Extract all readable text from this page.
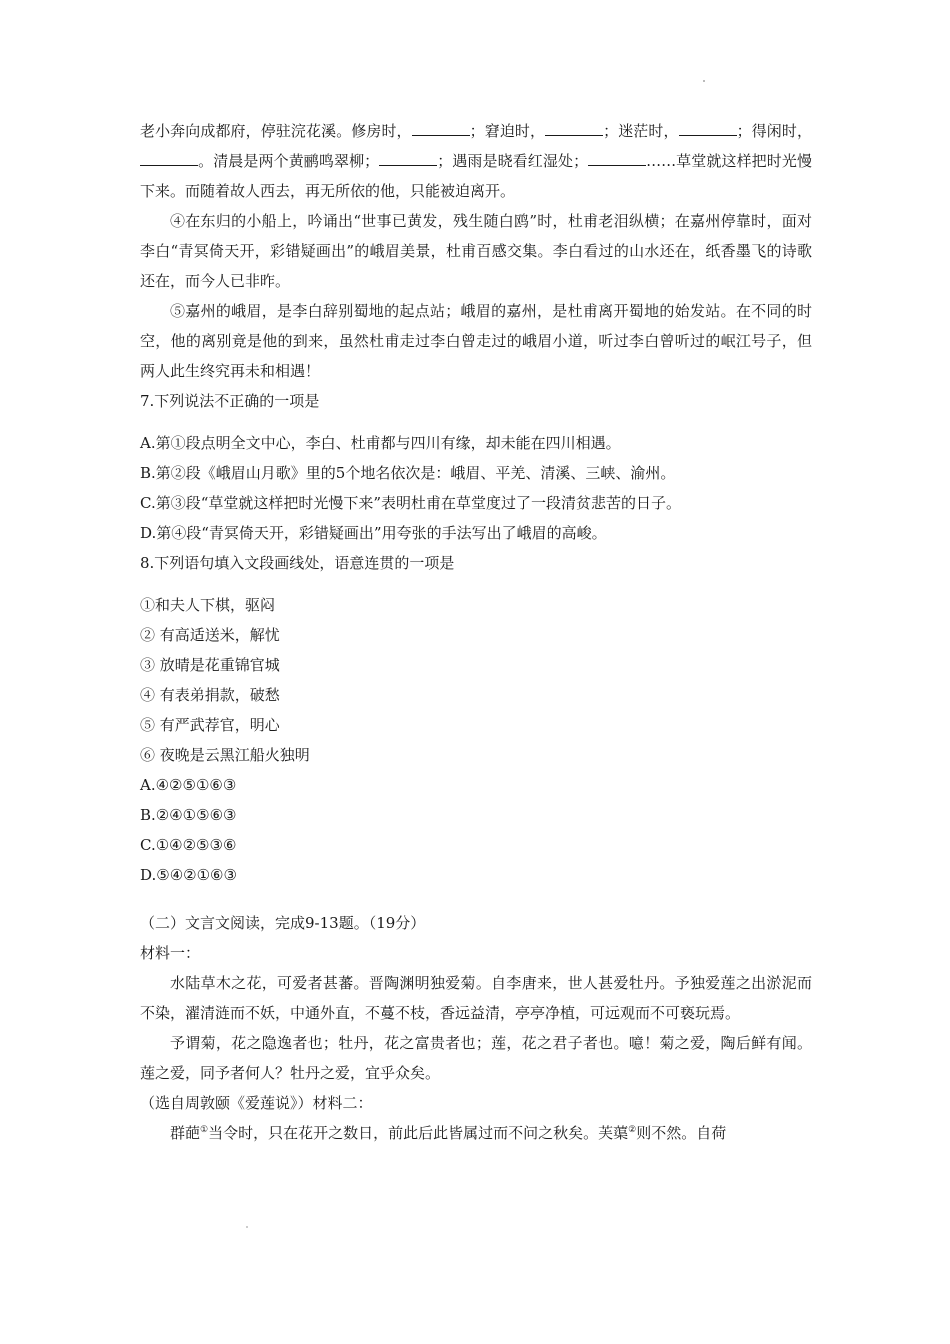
老小奔向成都府，停驻浣花溪。修房时，	；窘迫时，	；迷茫时，	；得闲时，。清晨是两个黄鹂鸣翠柳；	；遇雨是晓看红湿处；	……草堂就这样把时光慢下来。而随着故人西去，再无所依的他，只能被迫离开。

④在东归的小船上，吟诵出“世事已黄发，残生随白鸥”时，杜甫老泪纵横；在嘉州停靠时，面对李白“青冥倚天开，彩错疑画出”的峨眉美景，杜甫百感交集。李白看过的山水还在，纸香墨飞的诗歌还在，而今人已非昨。

⑤嘉州的峨眉，是李白辞别蜀地的起点站；峨眉的嘉州，是杜甫离开蜀地的始发站。在不同的时空，他的离别竟是他的到来，虽然杜甫走过李白曾走过的峨眉小道，听过李白曾听过的岷江号子，但两人此生终究再未和相遇！

7.下列说法不正确的一项是

A.第①段点明全文中心，李白、杜甫都与四川有缘，却未能在四川相遇。

B.第②段《峨眉山月歌》里的5个地名依次是：峨眉、平羌、清溪、三峡、渝州。

C.第③段“草堂就这样把时光慢下来”表明杜甫在草堂度过了一段清贫悲苦的日子。

D.第④段“青冥倚天开，彩错疑画出”用夸张的手法写出了峨眉的高峻。

8.下列语句填入文段画线处，语意连贯的一项是

①和夫人下棋，驱闷

② 有高适送米，解忧

③ 放晴是花重锦官城

④ 有表弟捐款，破愁

⑤ 有严武荐官，明心

⑥ 夜晚是云黑江船火独明

A.④②⑤①⑥③

B.②④①⑤⑥③

C.①④②⑤③⑥

D.⑤④②①⑥③

（二）文言文阅读，完成9-13题。（19分）

材料一：

水陆草木之花，可爱者甚蕃。晋陶渊明独爱菊。自李唐来，世人甚爱牡丹。予独爱莲之出淤泥而不染，濯清涟而不妖，中通外直，不蔓不枝，香远益清，亭亭净植，可远观而不可亵玩焉。

予谓菊，花之隐逸者也；牡丹，花之富贵者也；莲，花之君子者也。噫！菊之爱，陶后鲜有闻。莲之爱，同予者何人？牡丹之爱，宜乎众矣。

（选自周敦颐《爱莲说》）材料二：

群葩①当令时，只在花开之数日，前此后此皆属过而不问之秋矣。芙蕖②则不然。自荷
